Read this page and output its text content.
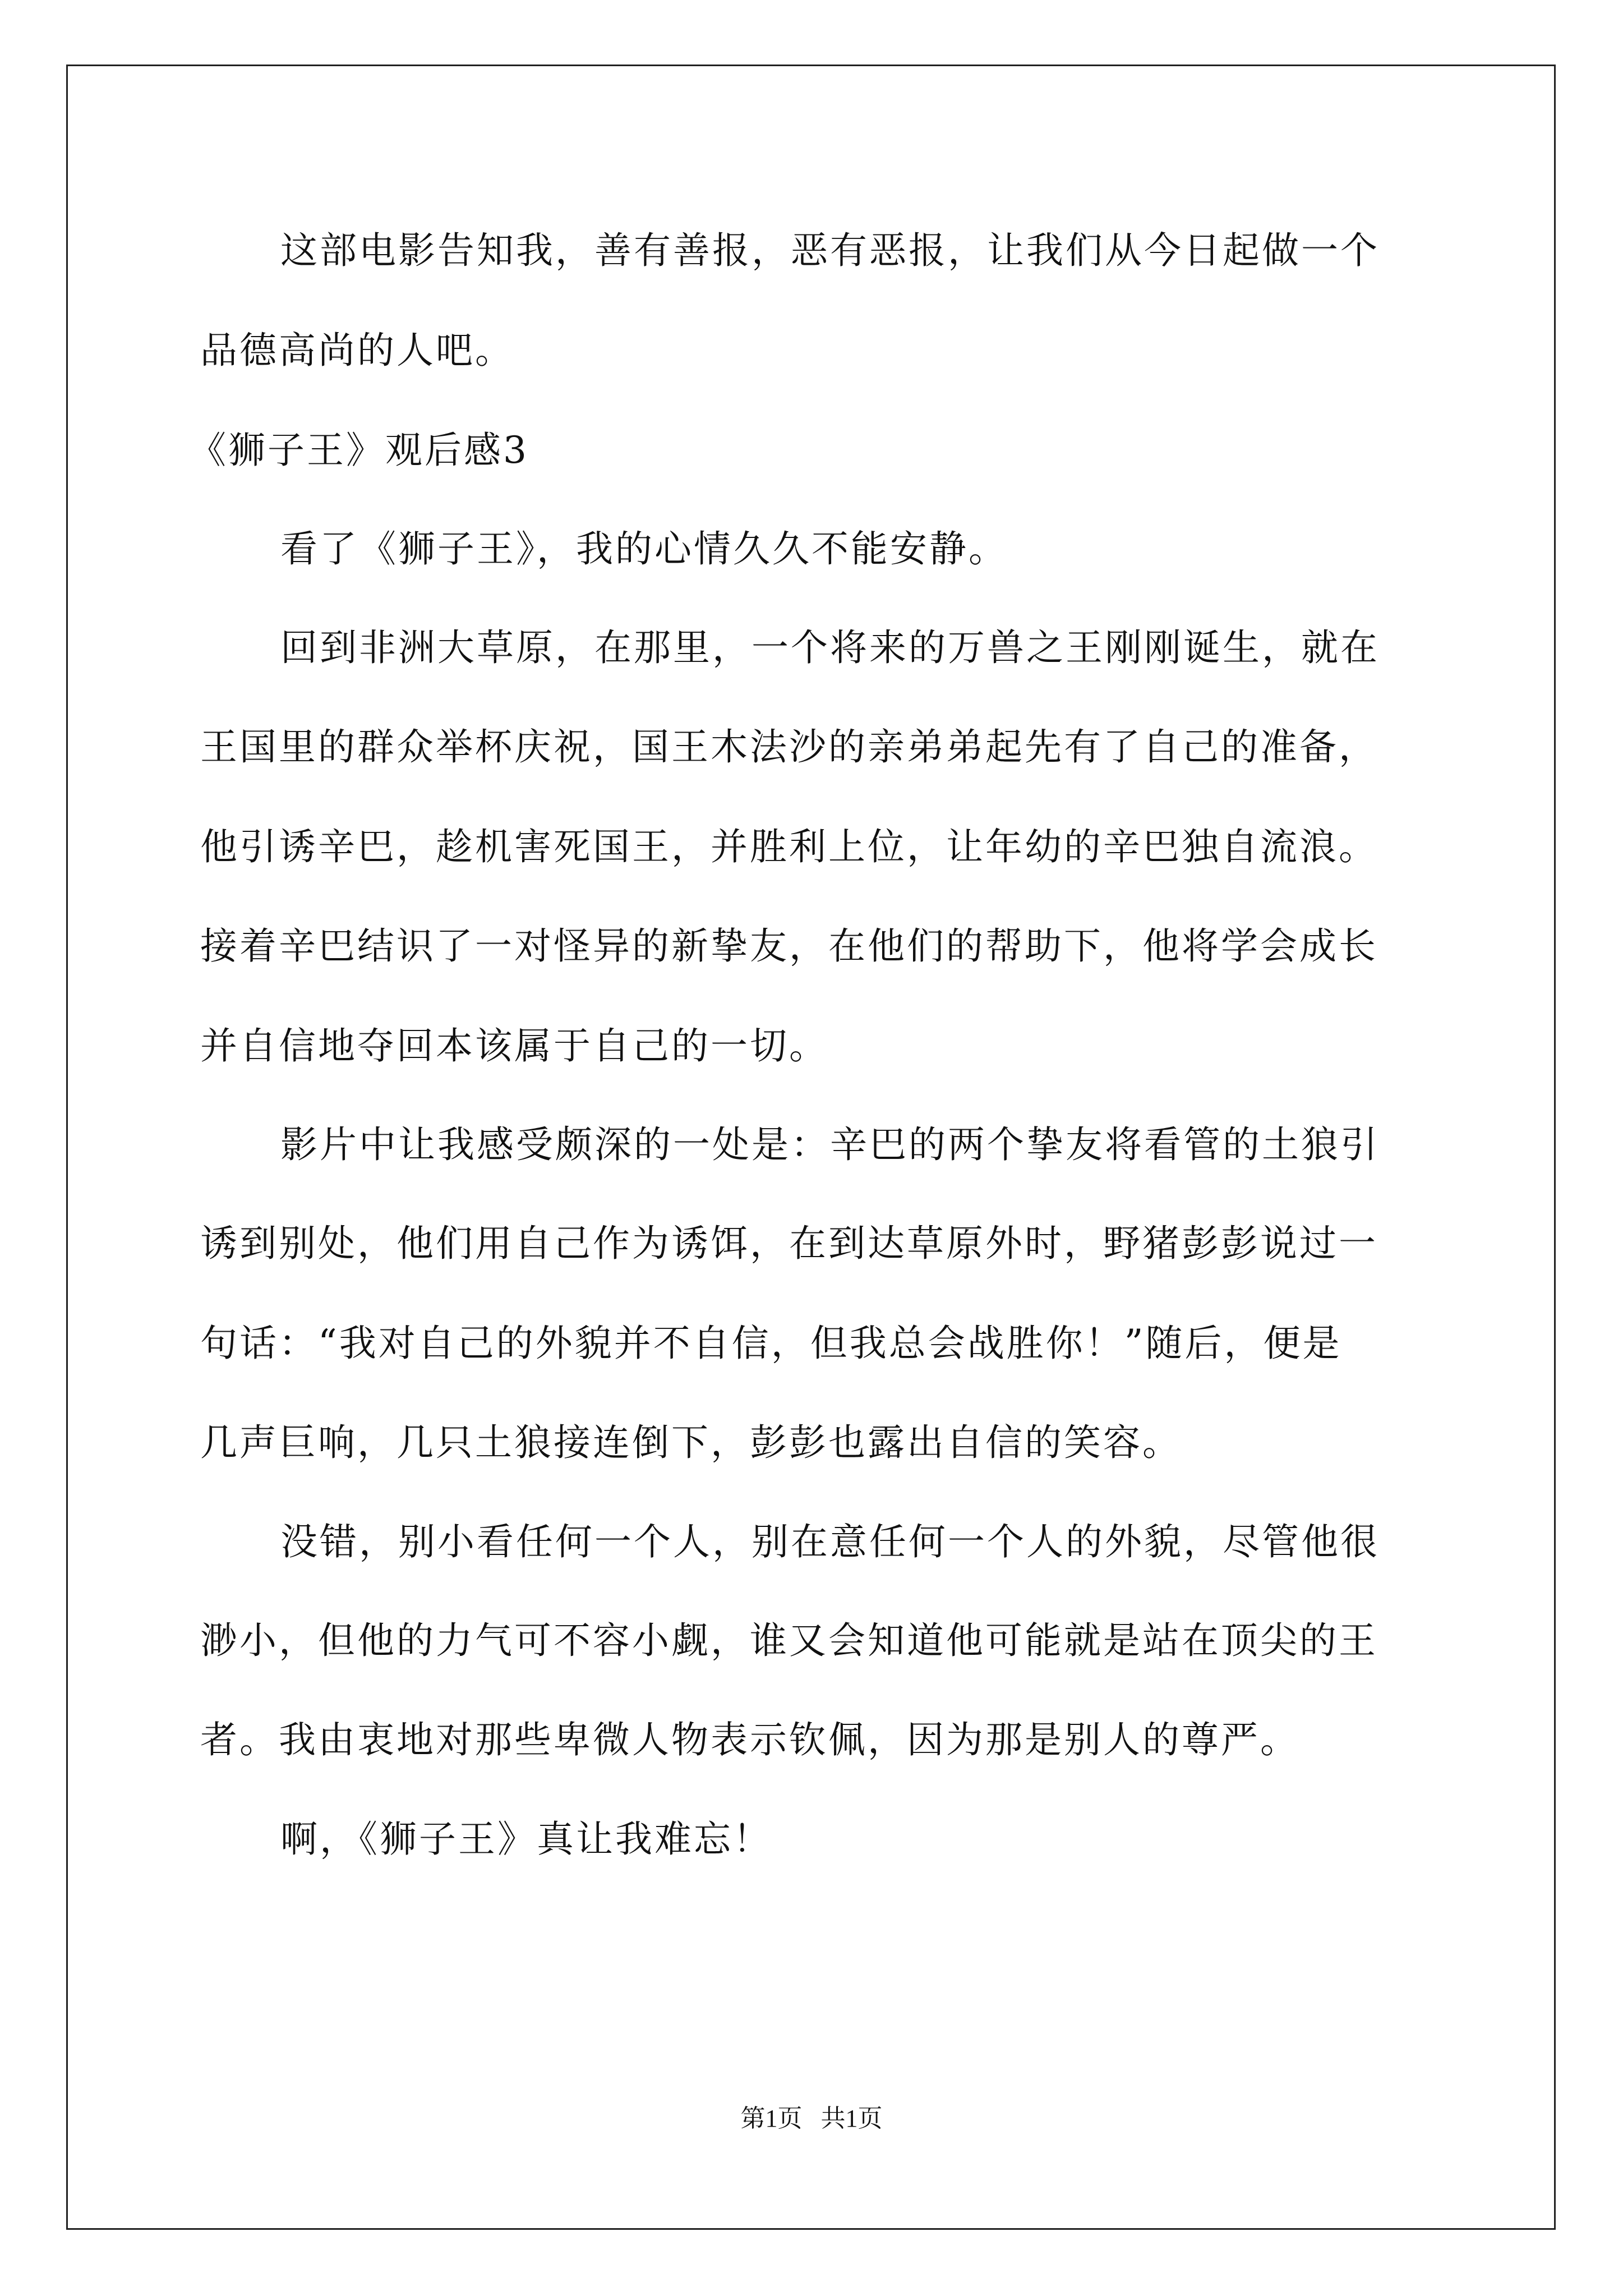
这部电影告知我，善有善报，恶有恶报，让我们从今日起做一个

品德高尚的人吧。

《狮子王》观后感3

看了《狮子王》，我的心情久久不能安静。

回到非洲大草原，在那里，一个将来的万兽之王刚刚诞生，就在

王国里的群众举杯庆祝，国王木法沙的亲弟弟起先有了自己的准备，

他引诱辛巴，趁机害死国王，并胜利上位，让年幼的辛巴独自流浪。

接着辛巴结识了一对怪异的新挚友，在他们的帮助下，他将学会成长

并自信地夺回本该属于自己的一切。

影片中让我感受颇深的一处是：辛巴的两个挚友将看管的土狼引

诱到别处，他们用自己作为诱饵，在到达草原外时，野猪彭彭说过一

句话：“我对自己的外貌并不自信，但我总会战胜你！”随后，便是

几声巨响，几只土狼接连倒下，彭彭也露出自信的笑容。

没错，别小看任何一个人，别在意任何一个人的外貌，尽管他很

渺小，但他的力气可不容小觑，谁又会知道他可能就是站在顶尖的王

者。我由衷地对那些卑微人物表示钦佩，因为那是别人的尊严。

啊，《狮子王》真让我难忘！

第1页   共1页
